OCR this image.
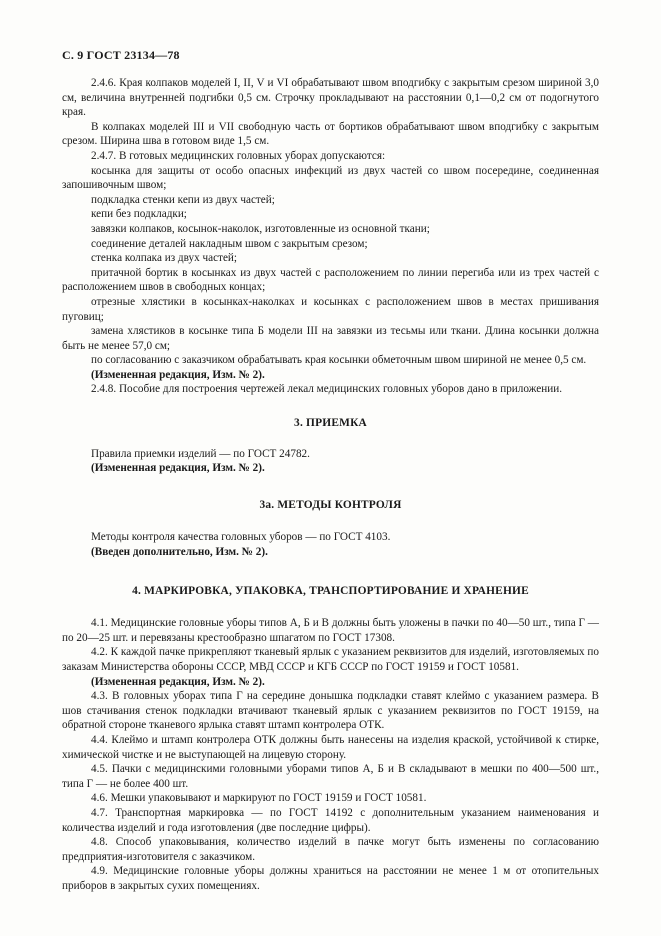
С. 9 ГОСТ 23134—78

2.4.6. Края колпаков моделей I, II, V и VI обрабатывают швом вподгибку с закрытым срезом шириной 3,0 см, величина внутренней подгибки 0,5 см. Строчку прокладывают на расстоянии 0,1—0,2 см от подогнутого края.

В колпаках моделей III и VII свободную часть от бортиков обрабатывают швом вподгибку с закрытым срезом. Ширина шва в готовом виде 1,5 см.

2.4.7. В готовых медицинских головных уборах допускаются:

косынка для защиты от особо опасных инфекций из двух частей со швом посередине, соединенная запошивочным швом;

подкладка стенки кепи из двух частей;

кепи без подкладки;

завязки колпаков, косынок-наколок, изготовленные из основной ткани;

соединение деталей накладным швом с закрытым срезом;

стенка колпака из двух частей;

притачной бортик в косынках из двух частей с расположением по линии перегиба или из трех частей с расположением швов в свободных концах;

отрезные хлястики в косынках-наколках и косынках с расположением швов в местах пришивания пуговиц;

замена хлястиков в косынке типа Б модели III на завязки из тесьмы или ткани. Длина косынки должна быть не менее 57,0 см;

по согласованию с заказчиком обрабатывать края косынки обметочным швом шириной не менее 0,5 см.

(Измененная редакция, Изм. № 2).

2.4.8. Пособие для построения чертежей лекал медицинских головных уборов дано в приложении.

3. ПРИЕМКА

Правила приемки изделий — по ГОСТ 24782.

(Измененная редакция, Изм. № 2).

3а. МЕТОДЫ КОНТРОЛЯ

Методы контроля качества головных уборов — по ГОСТ 4103.

(Введен дополнительно, Изм. № 2).

4. МАРКИРОВКА, УПАКОВКА, ТРАНСПОРТИРОВАНИЕ И ХРАНЕНИЕ

4.1. Медицинские головные уборы типов А, Б и В должны быть уложены в пачки по 40—50 шт., типа Г — по 20—25 шт. и перевязаны крестообразно шпагатом по ГОСТ 17308.

4.2. К каждой пачке прикрепляют тканевый ярлык с указанием реквизитов для изделий, изготовляемых по заказам Министерства обороны СССР, МВД СССР и КГБ СССР по ГОСТ 19159 и ГОСТ 10581.

(Измененная редакция, Изм. № 2).

4.3. В головных уборах типа Г на середине донышка подкладки ставят клеймо с указанием размера. В шов стачивания стенок подкладки втачивают тканевый ярлык с указанием реквизитов по ГОСТ 19159, на обратной стороне тканевого ярлыка ставят штамп контролера ОТК.

4.4. Клеймо и штамп контролера ОТК должны быть нанесены на изделия краской, устойчивой к стирке, химической чистке и не выступающей на лицевую сторону.

4.5. Пачки с медицинскими головными уборами типов А, Б и В складывают в мешки по 400—500 шт., типа Г — не более 400 шт.

4.6. Мешки упаковывают и маркируют по ГОСТ 19159 и ГОСТ 10581.

4.7. Транспортная маркировка — по ГОСТ 14192 с дополнительным указанием наименования и количества изделий и года изготовления (две последние цифры).

4.8. Способ упаковывания, количество изделий в пачке могут быть изменены по согласованию предприятия-изготовителя с заказчиком.

4.9. Медицинские головные уборы должны храниться на расстоянии не менее 1 м от отопительных приборов в закрытых сухих помещениях.
